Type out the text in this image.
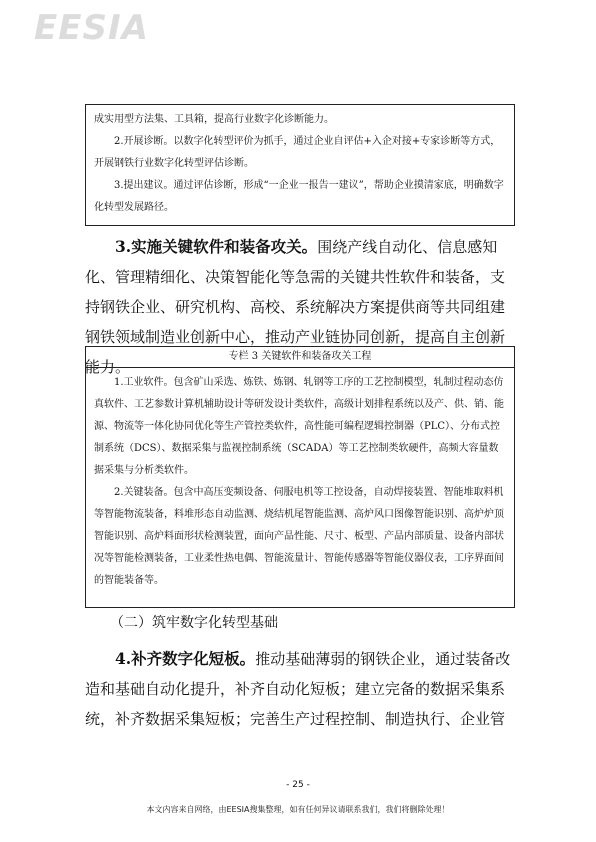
EESIA

成实用型方法集、工具箱，提高行业数字化诊断能力。

2.开展诊断。以数字化转型评价为抓手，通过企业自评估+入企对接+专家诊断等方式，开展钢铁行业数字化转型评估诊断。

3.提出建议。通过评估诊断，形成“一企业一报告一建议”，帮助企业摸清家底，明确数字化转型发展路径。

3.实施关键软件和装备攻关。围绕产线自动化、信息感知化、管理精细化、决策智能化等急需的关键共性软件和装备，支持钢铁企业、研究机构、高校、系统解决方案提供商等共同组建钢铁领域制造业创新中心，推动产业链协同创新，提高自主创新能力。

专栏 3 关键软件和装备攻关工程

1.工业软件。包含矿山采选、炼铁、炼钢、轧钢等工序的工艺控制模型，轧制过程动态仿真软件、工艺参数计算机辅助设计等研发设计类软件，高级计划排程系统以及产、供、销、能源、物流等一体化协同优化等生产管控类软件，高性能可编程逻辑控制器（PLC）、分布式控制系统（DCS）、数据采集与监视控制系统（SCADA）等工艺控制类软硬件，高频大容量数据采集与分析类软件。

2.关键装备。包含中高压变频设备、伺服电机等工控设备，自动焊接装置、智能堆取料机等智能物流装备，料堆形态自动监测、烧结机尾智能监测、高炉风口图像智能识别、高炉炉顶智能识别、高炉料面形状检测装置，面向产品性能、尺寸、板型、产品内部质量、设备内部状况等智能检测装备，工业柔性热电偶、智能流量计、智能传感器等智能仪器仪表，工序界面间的智能装备等。

（二）筑牢数字化转型基础

4.补齐数字化短板。推动基础薄弱的钢铁企业，通过装备改造和基础自动化提升，补齐自动化短板；建立完备的数据采集系统，补齐数据采集短板；完善生产过程控制、制造执行、企业管

- 25 -
本文内容来自网络，由EESIA搜集整理，如有任何异议请联系我们，我们将删除处理！
